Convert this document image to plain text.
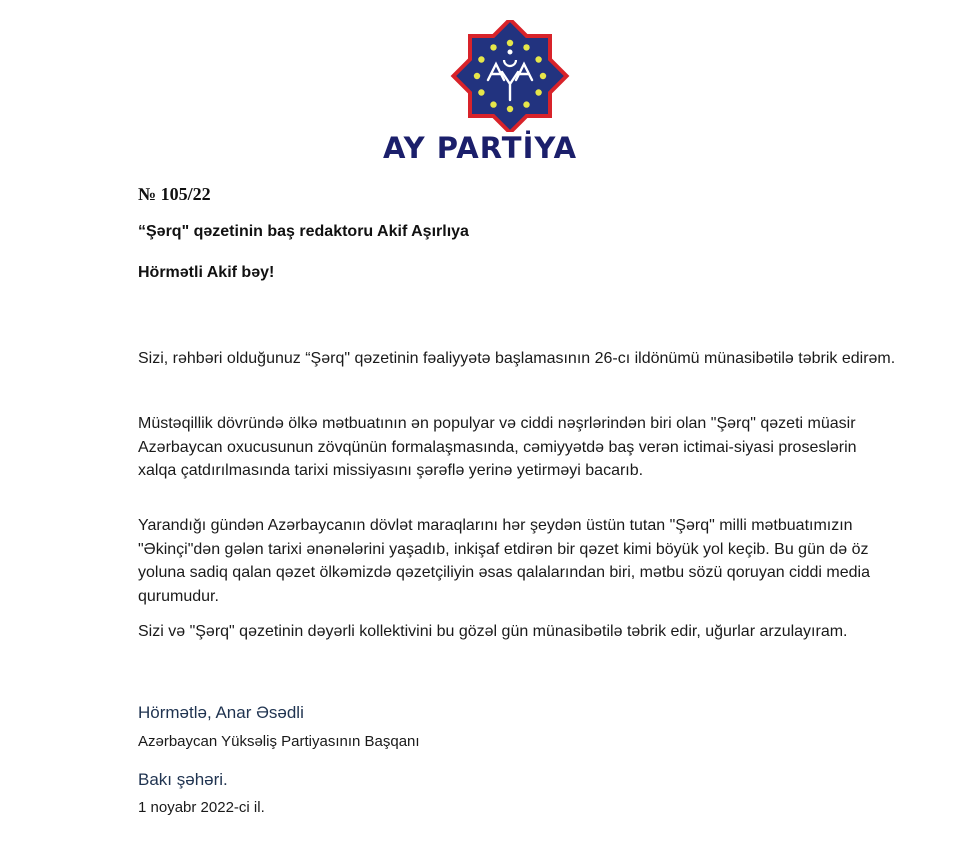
AY PARTİYA
№ 105/22
“Şərq" qəzetinin baş redaktoru Akif Aşırlıya
Hörmətli Akif bəy!
Sizi, rəhbəri olduğunuz “Şərq" qəzetinin fəaliyyətə başlamasının 26-cı ildönümü münasibətilə təbrik edirəm.
Müstəqillik dövründə ölkə mətbuatının ən populyar və ciddi nəşrlərindən biri olan "Şərq" qəzeti müasir Azərbaycan oxucusunun zövqünün formalaşmasında, cəmiyyətdə baş verən ictimai-siyasi proseslərin xalqa çatdırılmasında tarixi missiyasını şərəflə yerinə yetirməyi bacarıb.
Yarandığı gündən Azərbaycanın dövlət maraqlarını hər şeydən üstün tutan "Şərq" milli mətbuatımızın "Əkinçi"dən gələn tarixi ənənələrini yaşadıb, inkişaf etdirən bir qəzet kimi böyük yol keçib. Bu gün də öz yoluna sadiq qalan qəzet ölkəmizdə qəzetçiliyin əsas qalalarından biri, mətbu sözü qoruyan ciddi media qurumudur.
Sizi və "Şərq" qəzetinin dəyərli kollektivini bu gözəl gün münasibətilə təbrik edir, uğurlar arzulayıram.
Hörmətlə, Anar Əsədli
Azərbaycan Yüksəliş Partiyasının Başqanı
Bakı şəhəri.
1 noyabr 2022-ci il.
